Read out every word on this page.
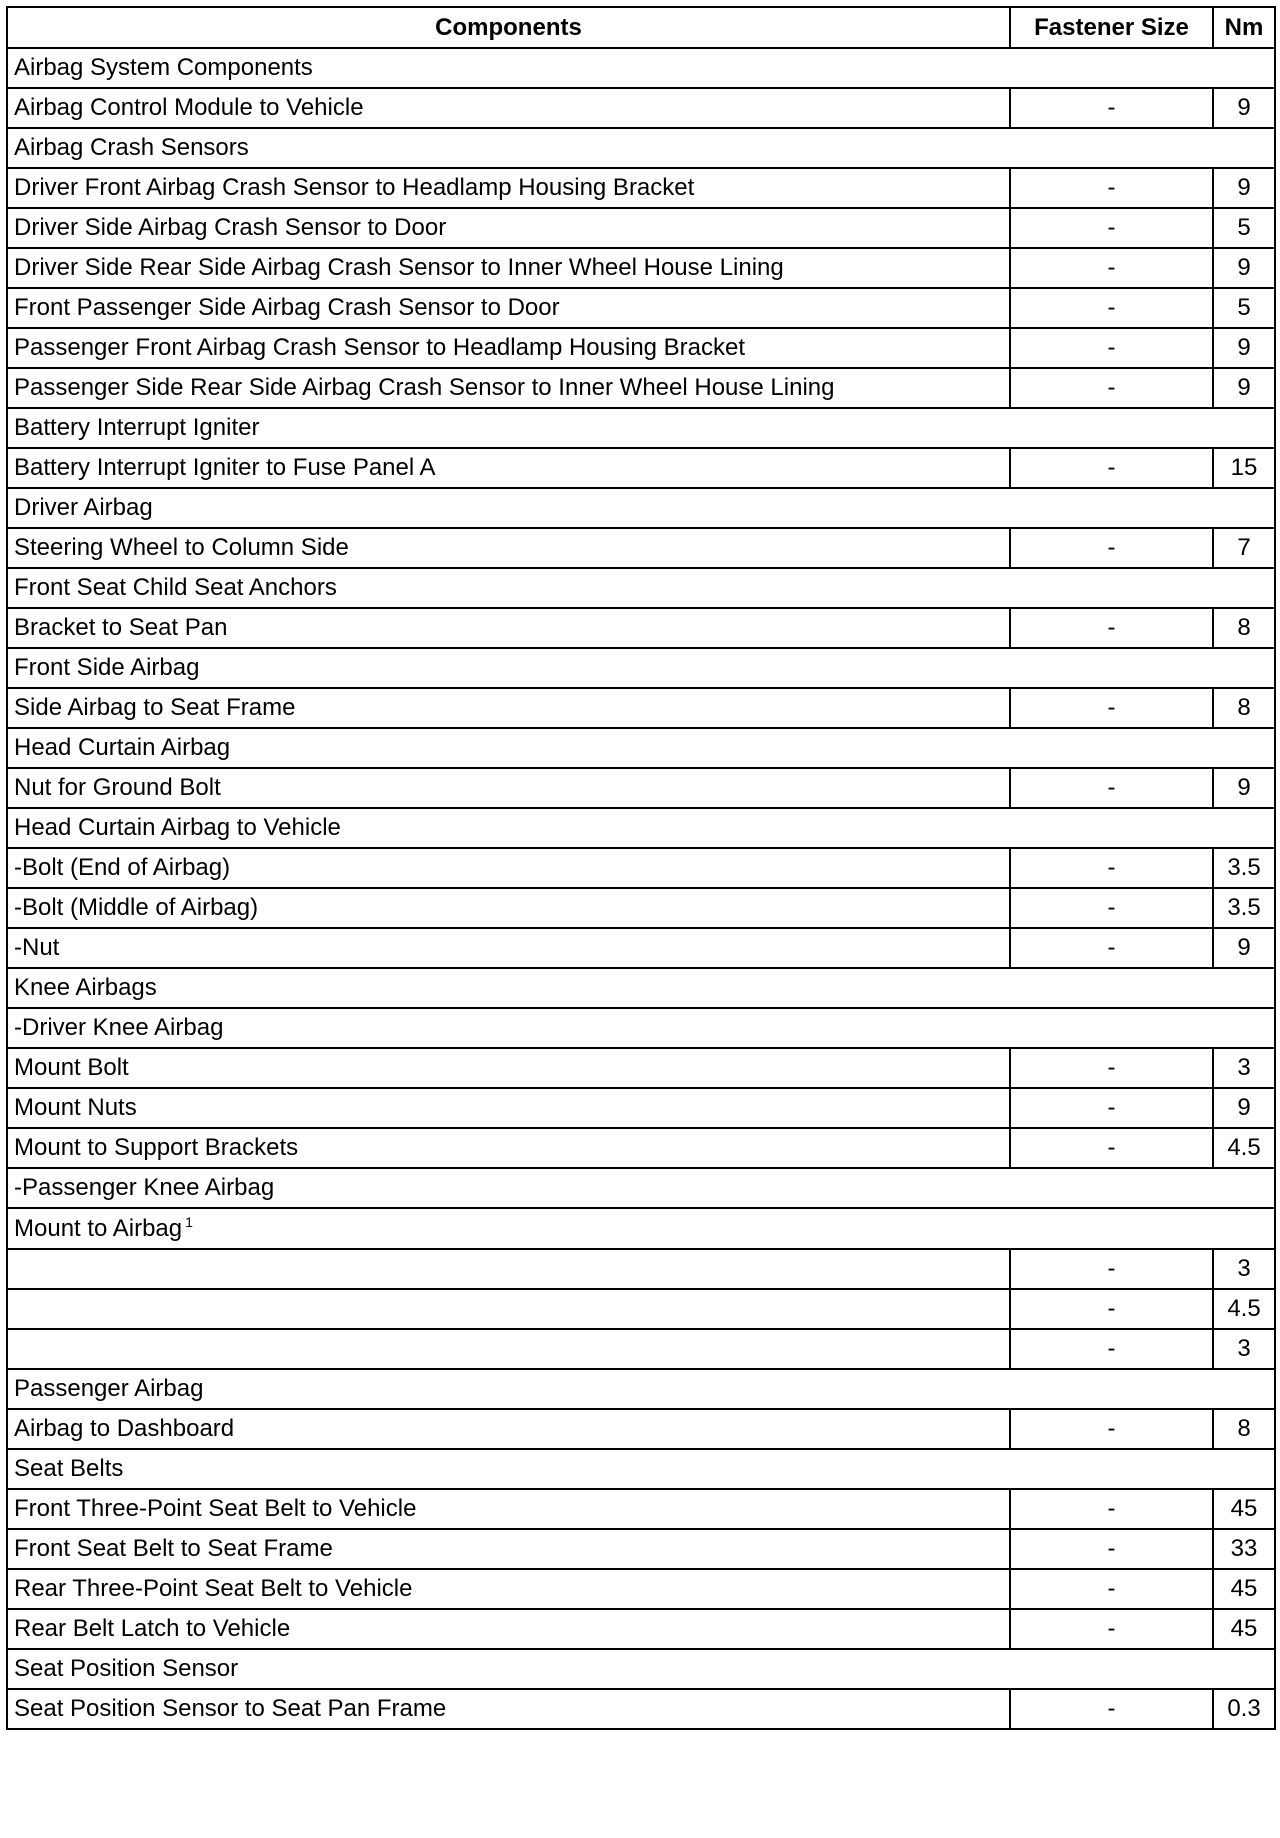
Components	Fastener Size	Nm
Airbag System Components		
Airbag Control Module to Vehicle	-	9
Airbag Crash Sensors		
Driver Front Airbag Crash Sensor to Headlamp Housing Bracket	-	9
Driver Side Airbag Crash Sensor to Door	-	5
Driver Side Rear Side Airbag Crash Sensor to Inner Wheel House Lining	-	9
Front Passenger Side Airbag Crash Sensor to Door	-	5
Passenger Front Airbag Crash Sensor to Headlamp Housing Bracket	-	9
Passenger Side Rear Side Airbag Crash Sensor to Inner Wheel House Lining	-	9
Battery Interrupt Igniter		
Battery Interrupt Igniter to Fuse Panel A	-	15
Driver Airbag		
Steering Wheel to Column Side	-	7
Front Seat Child Seat Anchors		
Bracket to Seat Pan	-	8
Front Side Airbag		
Side Airbag to Seat Frame	-	8
Head Curtain Airbag		
Nut for Ground Bolt	-	9
Head Curtain Airbag to Vehicle		
-Bolt (End of Airbag)	-	3.5
-Bolt (Middle of Airbag)	-	3.5
-Nut	-	9
Knee Airbags		
-Driver Knee Airbag		
Mount Bolt	-	3
Mount Nuts	-	9
Mount to Support Brackets	-	4.5
-Passenger Knee Airbag		
Mount to Airbag $^1$
	-	3
	-	4.5
	-	3
Passenger Airbag		
Airbag to Dashboard	-	8
Seat Belts		
Front Three-Point Seat Belt to Vehicle	-	45
Front Seat Belt to Seat Frame	-	33
Rear Three-Point Seat Belt to Vehicle	-	45
Rear Belt Latch to Vehicle	-	45
Seat Position Sensor		
Seat Position Sensor to Seat Pan Frame	-	0.3
